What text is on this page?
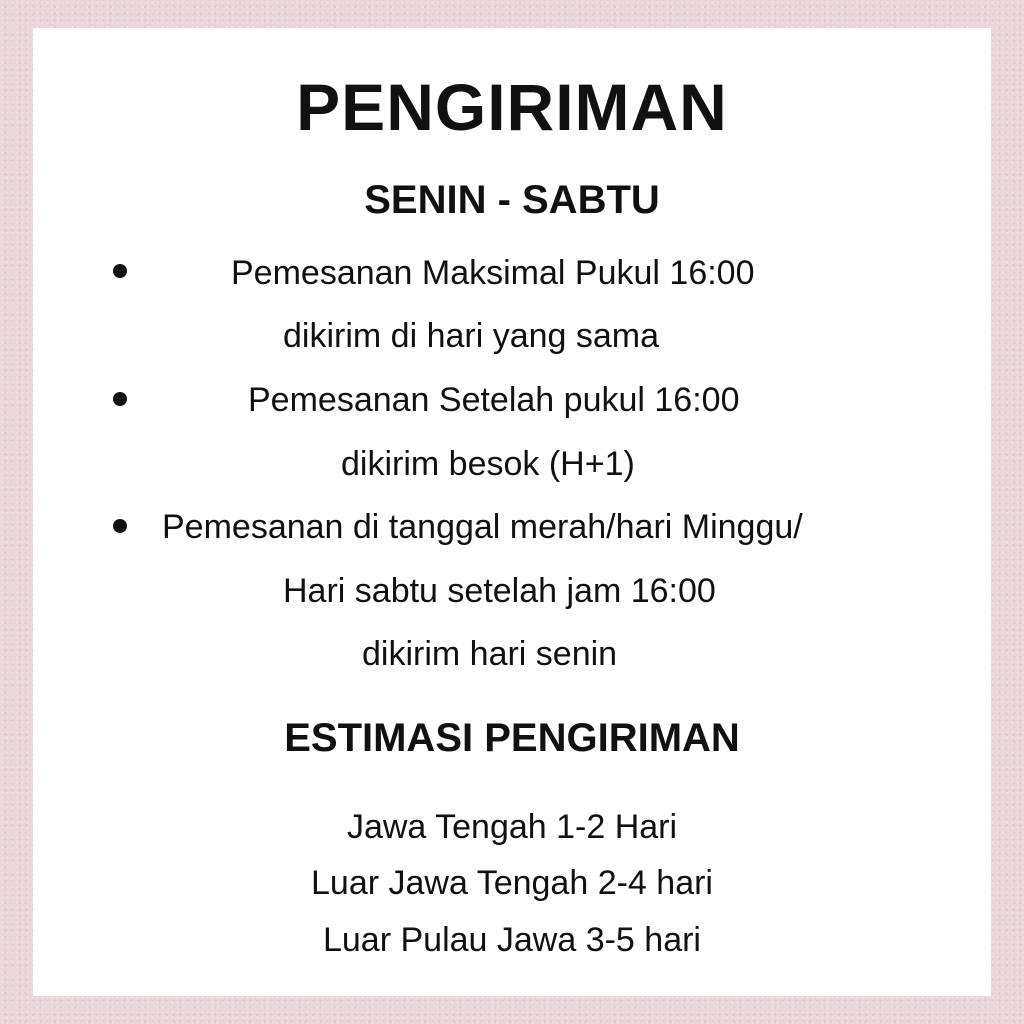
PENGIRIMAN
SENIN - SABTU
Pemesanan Maksimal Pukul 16:00
dikirim di hari yang sama
Pemesanan Setelah pukul 16:00
dikirim besok (H+1)
Pemesanan di tanggal merah/hari Minggu/
Hari sabtu setelah jam 16:00
dikirim hari senin
ESTIMASI PENGIRIMAN
Jawa Tengah 1-2 Hari
Luar Jawa Tengah 2-4 hari
Luar Pulau Jawa 3-5 hari
